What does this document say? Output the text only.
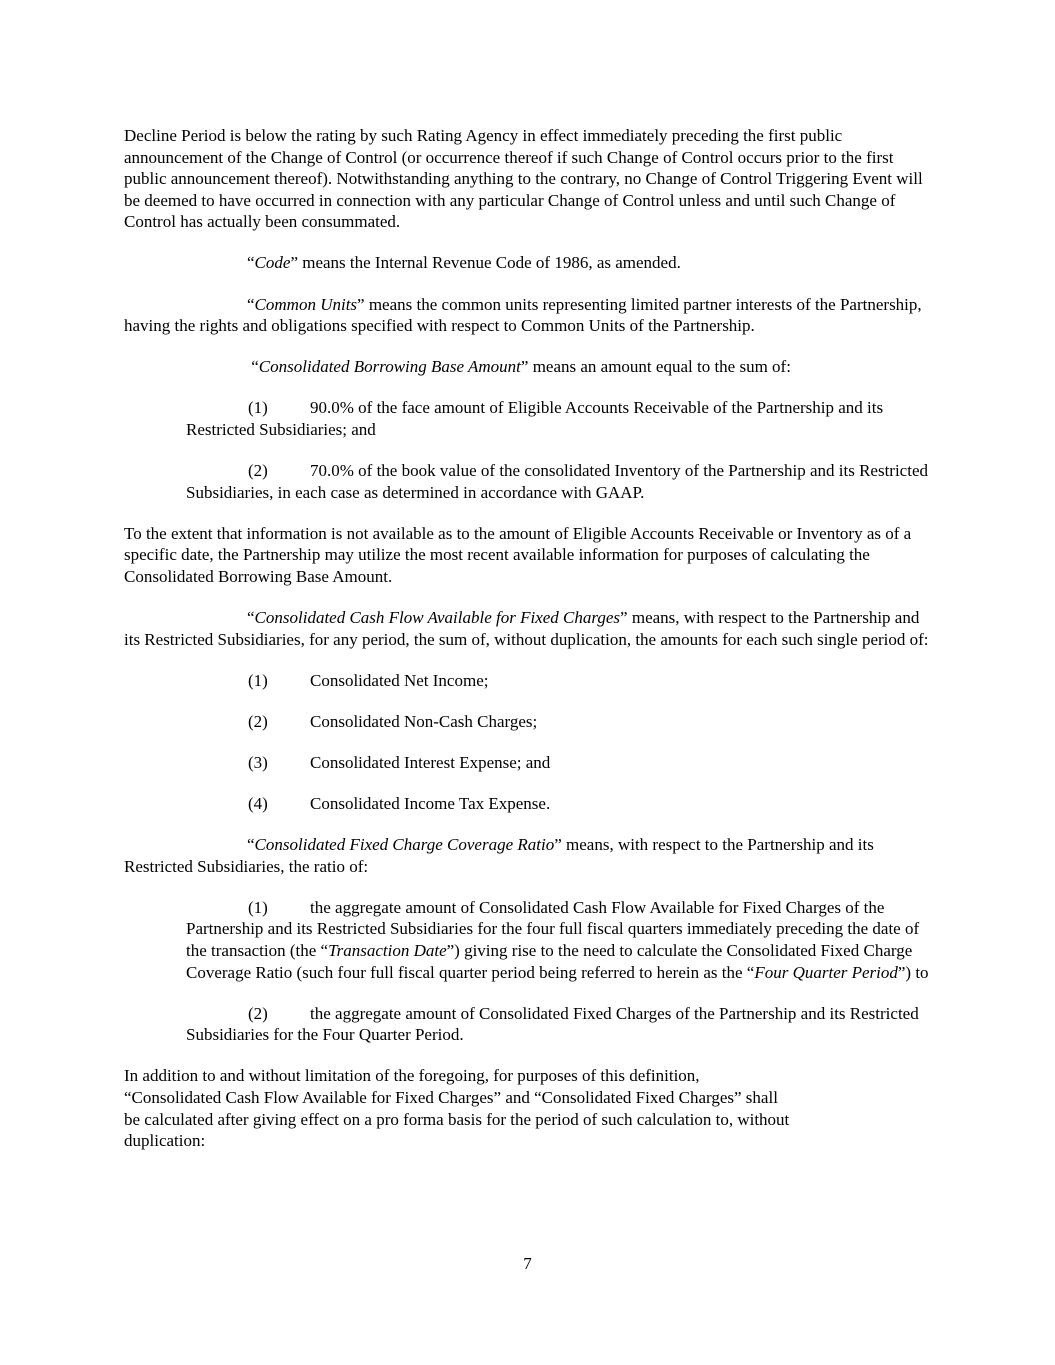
Decline Period is below the rating by such Rating Agency in effect immediately preceding the first public announcement of the Change of Control (or occurrence thereof if such Change of Control occurs prior to the first public announcement thereof). Notwithstanding anything to the contrary, no Change of Control Triggering Event will be deemed to have occurred in connection with any particular Change of Control unless and until such Change of Control has actually been consummated.

“Code” means the Internal Revenue Code of 1986, as amended.

“Common Units” means the common units representing limited partner interests of the Partnership, having the rights and obligations specified with respect to Common Units of the Partnership.

“Consolidated Borrowing Base Amount” means an amount equal to the sum of:

(1) 90.0% of the face amount of Eligible Accounts Receivable of the Partnership and its Restricted Subsidiaries; and

(2) 70.0% of the book value of the consolidated Inventory of the Partnership and its Restricted Subsidiaries, in each case as determined in accordance with GAAP.

To the extent that information is not available as to the amount of Eligible Accounts Receivable or Inventory as of a specific date, the Partnership may utilize the most recent available information for purposes of calculating the Consolidated Borrowing Base Amount.

“Consolidated Cash Flow Available for Fixed Charges” means, with respect to the Partnership and its Restricted Subsidiaries, for any period, the sum of, without duplication, the amounts for each such single period of:

(1) Consolidated Net Income;

(2) Consolidated Non-Cash Charges;

(3) Consolidated Interest Expense; and

(4) Consolidated Income Tax Expense.

“Consolidated Fixed Charge Coverage Ratio” means, with respect to the Partnership and its Restricted Subsidiaries, the ratio of:

(1) the aggregate amount of Consolidated Cash Flow Available for Fixed Charges of the Partnership and its Restricted Subsidiaries for the four full fiscal quarters immediately preceding the date of the transaction (the “Transaction Date”) giving rise to the need to calculate the Consolidated Fixed Charge Coverage Ratio (such four full fiscal quarter period being referred to herein as the “Four Quarter Period”) to

(2) the aggregate amount of Consolidated Fixed Charges of the Partnership and its Restricted Subsidiaries for the Four Quarter Period.

In addition to and without limitation of the foregoing, for purposes of this definition,
“Consolidated Cash Flow Available for Fixed Charges” and “Consolidated Fixed Charges” shall
be calculated after giving effect on a pro forma basis for the period of such calculation to, without
duplication:

7
